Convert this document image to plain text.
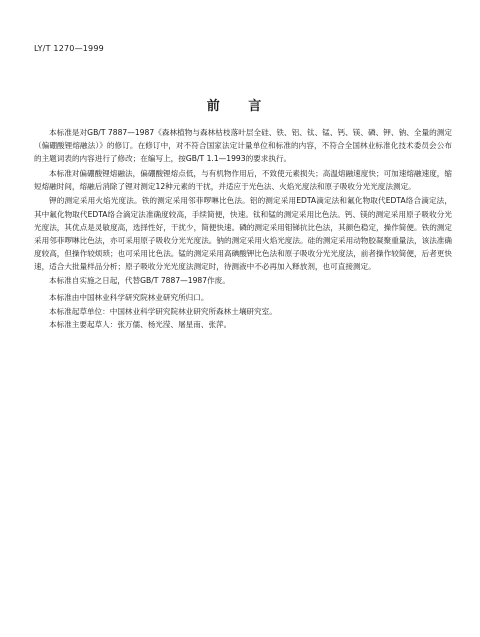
LY/T 1270—1999
前 言

本标准是对GB/T 7887—1987《森林植物与森林枯枝落叶层全硅、铁、铝、钛、锰、钙、镁、磷、钾、钠、全量的测定（偏硼酸锂熔融法）》的修订。在修订中，对不符合国家法定计量单位和标准的内容，不符合全国林业标准化技术委员会公布的主题词表的内容进行了修改；在编写上，按GB/T 1.1—1993的要求执行。

本标准对偏硼酸锂熔融法，偏硼酸锂熔点低，与有机物作用后，不致使元素损失；高温熔融速度快；可加速熔融速度，缩短熔融时间，熔融后消除了锂对测定12种元素的干扰，并适应于光色法、火焰光度法和原子吸收分光光度法测定。

钾的测定采用火焰光度法。铁的测定采用邻菲啰啉比色法。铝的测定采用EDTA滴定法和氟化物取代EDTA络合滴定法，其中氟化物取代EDTA络合滴定法准确度较高，手续简便，快速。钛和锰的测定采用比色法。钙、镁的测定采用原子吸收分光光度法，其优点是灵敏度高，选择性好，干扰少，简便快速。磷的测定采用钼锑抗比色法，其颜色稳定，操作简便。铁的测定采用邻菲啰啉比色法，亦可采用原子吸收分光光度法。钠的测定采用火焰光度法。硅的测定采用动物胶凝聚重量法，该法准确度较高，但操作较烦琐；也可采用比色法。锰的测定采用高碘酸钾比色法和原子吸收分光光度法，前者操作较简便，后者更快速，适合大批量样品分析；原子吸收分光光度法测定时，待测液中不必再加入释放剂，也可直接测定。

本标准自实施之日起，代替GB/T 7887—1987作废。

本标准由中国林业科学研究院林业研究所归口。

本标准起草单位：中国林业科学研究院林业研究所森林土壤研究室。

本标准主要起草人：张万儒、杨光滢、屠星南、张萍。
